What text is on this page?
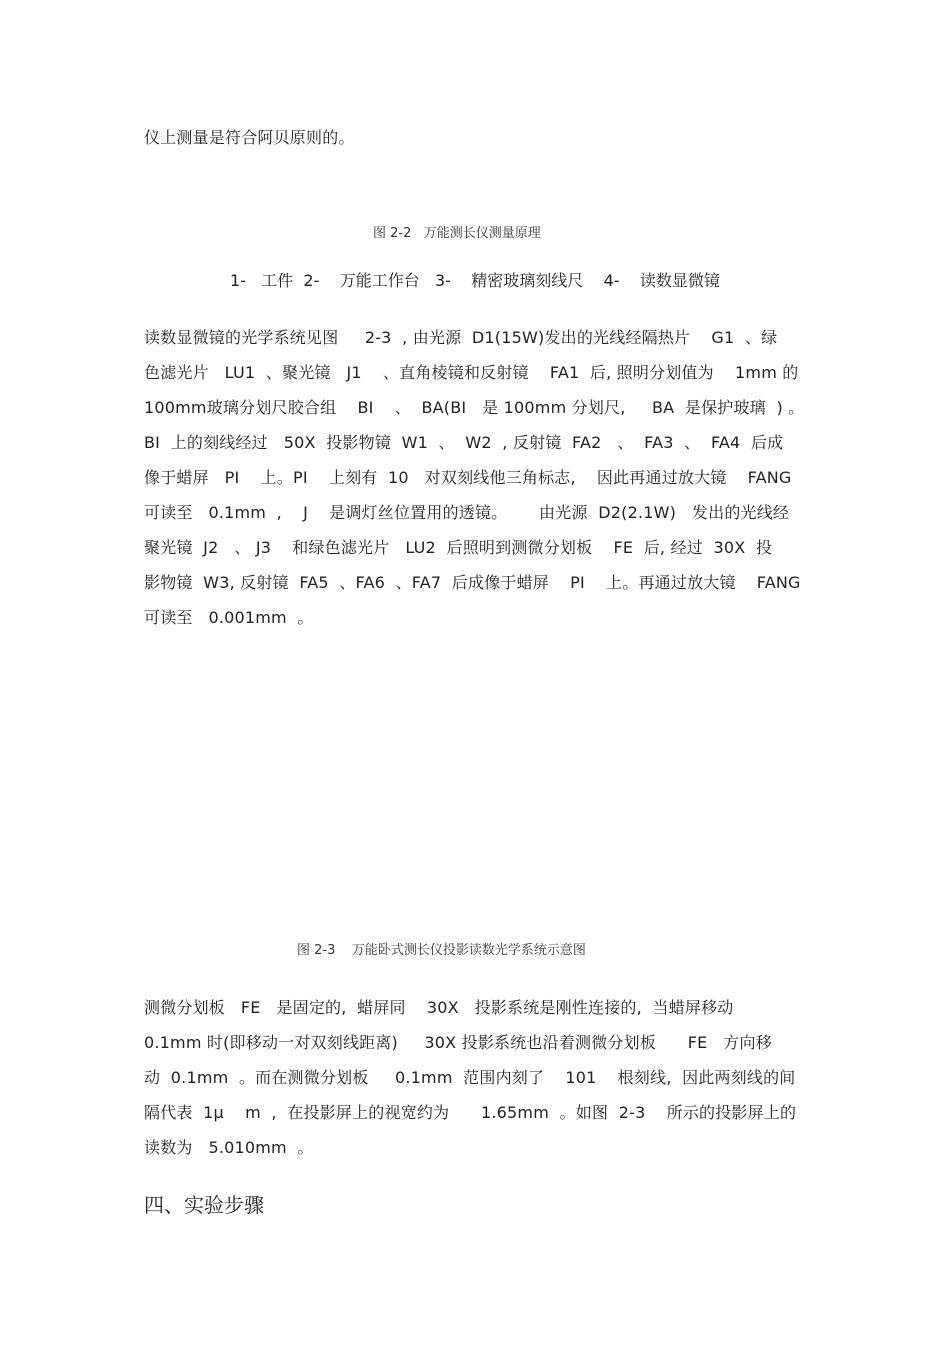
仪上测量是符合阿贝原则的。
图 2-2   万能测长仪测量原理
1-   工件  2-    万能工作台   3-    精密玻璃刻线尺    4-    读数显微镜
读数显微镜的光学系统见图     2-3  , 由光源  D1(15W)发出的光线经隔热片    G1  、绿
色滤光片   LU1  、聚光镜   J1    、直角棱镜和反射镜    FA1  后, 照明分划值为    1mm 的
100mm玻璃分划尺胶合组    BI    、  BA(BI   是 100mm 分划尺,     BA  是保护玻璃  ) 。
BI  上的刻线经过   50X  投影物镜  W1  、  W2  , 反射镜  FA2   、  FA3  、  FA4  后成
像于蜡屏   PI    上。PI    上刻有  10   对双刻线他三角标志,    因此再通过放大镜    FANG
可读至   0.1mm  ,    J    是调灯丝位置用的透镜。      由光源  D2(2.1W)   发出的光线经
聚光镜  J2   、 J3    和绿色滤光片   LU2  后照明到测微分划板    FE  后, 经过  30X  投
影物镜  W3, 反射镜  FA5  、FA6  、FA7  后成像于蜡屏    PI    上。再通过放大镜    FANG
可读至   0.001mm  。
图 2-3    万能卧式测长仪投影读数光学系统示意图
测微分划板   FE   是固定的,  蜡屏同    30X   投影系统是刚性连接的,  当蜡屏移动
0.1mm 时(即移动一对双刻线距离)     30X 投影系统也沿着测微分划板      FE   方向移
动  0.1mm  。而在测微分划板     0.1mm  范围内刻了    101    根刻线,  因此两刻线的间
隔代表  1μ    m  ,  在投影屏上的视宽约为      1.65mm  。如图  2-3    所示的投影屏上的
读数为   5.010mm  。
四、实验步骤
